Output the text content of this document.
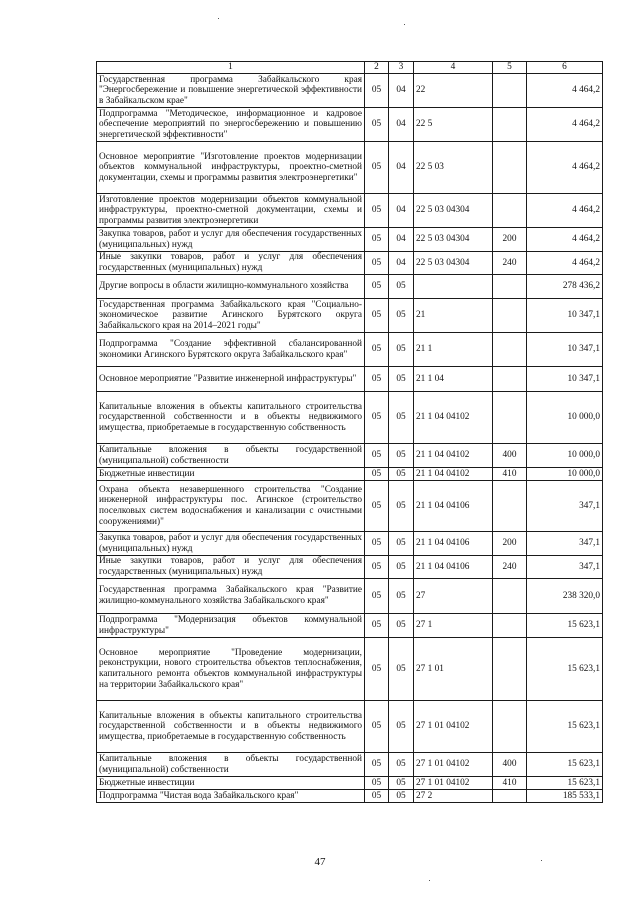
1	2	3	4	5	6
Государственная программа Забайкальского края "Энергосбережение и повышение энергетической эффективности в Забайкальском крае"	05	04	22		4 464,2
Подпрограмма "Методическое, информационное и кадровое обеспечение мероприятий по энергосбережению и повышению энергетической эффективности"	05	04	22 5		4 464,2
Основное мероприятие "Изготовление проектов модернизации объектов коммунальной инфраструктуры, проектно-сметной документации, схемы и программы развития электроэнергетики"	05	04	22 5 03		4 464,2
Изготовление проектов модернизации объектов коммунальной инфраструктуры, проектно-сметной документации, схемы и программы развития электроэнергетики	05	04	22 5 03 04304		4 464,2
Закупка товаров, работ и услуг для обеспечения государственных (муниципальных) нужд	05	04	22 5 03 04304	200	4 464,2
Иные закупки товаров, работ и услуг для обеспечения государственных (муниципальных) нужд	05	04	22 5 03 04304	240	4 464,2
Другие вопросы в области жилищно-коммунального хозяйства	05	05			278 436,2
Государственная программа Забайкальского края "Социально-экономическое развитие Агинского Бурятского округа Забайкальского края на 2014–2021 годы"	05	05	21		10 347,1
Подпрограмма "Создание эффективной сбалансированной экономики Агинского Бурятского округа Забайкальского края"	05	05	21 1		10 347,1
Основное мероприятие "Развитие инженерной инфраструктуры"	05	05	21 1 04		10 347,1
Капитальные вложения в объекты капитального строительства государственной собственности и в объекты недвижимого имущества, приобретаемые в государственную собственность	05	05	21 1 04 04102		10 000,0
Капитальные вложения в объекты государственной (муниципальной) собственности	05	05	21 1 04 04102	400	10 000,0
Бюджетные инвестиции	05	05	21 1 04 04102	410	10 000,0
Охрана объекта незавершенного строительства "Создание инженерной инфраструктуры пос. Агинское (строительство поселковых систем водоснабжения и канализации с очистными сооружениями)"	05	05	21 1 04 04106		347,1
Закупка товаров, работ и услуг для обеспечения государственных (муниципальных) нужд	05	05	21 1 04 04106	200	347,1
Иные закупки товаров, работ и услуг для обеспечения государственных (муниципальных) нужд	05	05	21 1 04 04106	240	347,1
Государственная программа Забайкальского края "Развитие жилищно-коммунального хозяйства Забайкальского края"	05	05	27		238 320,0
Подпрограмма "Модернизация объектов коммунальной инфраструктуры"	05	05	27 1		15 623,1
Основное мероприятие "Проведение модернизации, реконструкции, нового строительства объектов теплоснабжения, капитального ремонта объектов коммунальной инфраструктуры на территории Забайкальского края"	05	05	27 1 01		15 623,1
Капитальные вложения в объекты капитального строительства государственной собственности и в объекты недвижимого имущества, приобретаемые в государственную собственность	05	05	27 1 01 04102		15 623,1
Капитальные вложения в объекты государственной (муниципальной) собственности	05	05	27 1 01 04102	400	15 623,1
Бюджетные инвестиции	05	05	27 1 01 04102	410	15 623,1
Подпрограмма "Чистая вода Забайкальского края"	05	05	27 2		185 533,1
47
